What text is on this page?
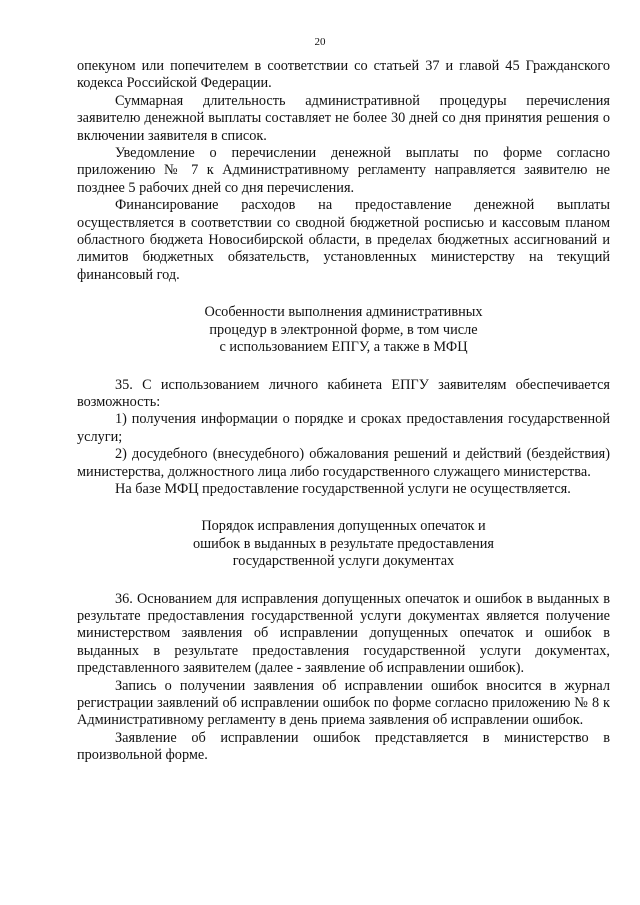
20

опекуном или попечителем в соответствии со статьей 37 и главой 45 Гражданского кодекса Российской Федерации.

Суммарная длительность административной процедуры перечисления заявителю денежной выплаты составляет не более 30 дней со дня принятия решения о включении заявителя в список.

Уведомление о перечислении денежной выплаты по форме согласно приложению № 7 к Административному регламенту направляется заявителю не позднее 5 рабочих дней со дня перечисления.

Финансирование расходов на предоставление денежной выплаты осуществляется в соответствии со сводной бюджетной росписью и кассовым планом областного бюджета Новосибирской области, в пределах бюджетных ассигнований и лимитов бюджетных обязательств, установленных министерству на текущий финансовый год.

Особенности выполнения административных

процедур в электронной форме, в том числе

с использованием ЕПГУ, а также в МФЦ

35. С использованием личного кабинета ЕПГУ заявителям обеспечивается возможность:

1) получения информации о порядке и сроках предоставления государственной услуги;

2) досудебного (внесудебного) обжалования решений и действий (бездействия) министерства, должностного лица либо государственного служащего министерства.

На базе МФЦ предоставление государственной услуги не осуществляется.

Порядок исправления допущенных опечаток и

ошибок в выданных в результате предоставления

государственной услуги документах

36. Основанием для исправления допущенных опечаток и ошибок в выданных в результате предоставления государственной услуги документах является получение министерством заявления об исправлении допущенных опечаток и ошибок в выданных в результате предоставления государственной услуги документах, представленного заявителем (далее - заявление об исправлении ошибок).

Запись о получении заявления об исправлении ошибок вносится в журнал регистрации заявлений об исправлении ошибок по форме согласно приложению № 8 к Административному регламенту в день приема заявления об исправлении ошибок.

Заявление об исправлении ошибок представляется в министерство в произвольной форме.
